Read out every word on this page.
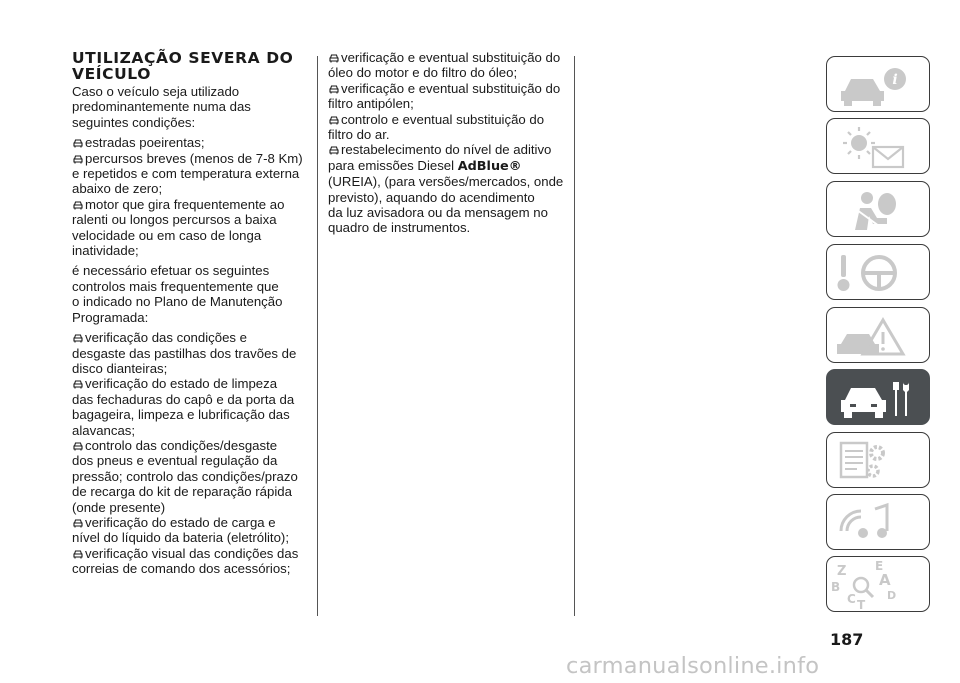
UTILIZAÇÃO SEVERA DO
VEÍCULO

Caso o veículo seja utilizado
predominantemente numa das
seguintes condições:

estradas poeirentas;

percursos breves (menos de 7-8 Km)
e repetidos e com temperatura externa
abaixo de zero;

motor que gira frequentemente ao
ralenti ou longos percursos a baixa
velocidade ou em caso de longa
inatividade;

é necessário efetuar os seguintes
controlos mais frequentemente que
o indicado no Plano de Manutenção
Programada:

verificação das condições e
desgaste das pastilhas dos travões de
disco dianteiras;

verificação do estado de limpeza
das fechaduras do capô e da porta da
bagageira, limpeza e lubrificação das
alavancas;

controlo das condições/desgaste
dos pneus e eventual regulação da
pressão; controlo das condições/prazo
de recarga do kit de reparação rápida
(onde presente)

verificação do estado de carga e
nível do líquido da bateria (eletrólito);

verificação visual das condições das
correias de comando dos acessórios;

verificação e eventual substituição do
óleo do motor e do filtro do óleo;

verificação e eventual substituição do
filtro antipólen;

controlo e eventual substituição do
filtro do ar.

restabelecimento do nível de aditivo
para emissões Diesel AdBlue®
(UREIA), (para versões/mercados, onde
previsto), aquando do acendimento
da luz avisadora ou da mensagem no
quadro de instrumentos.

i
Z E
A
B
C T
D
187
carmanualsonline.info
